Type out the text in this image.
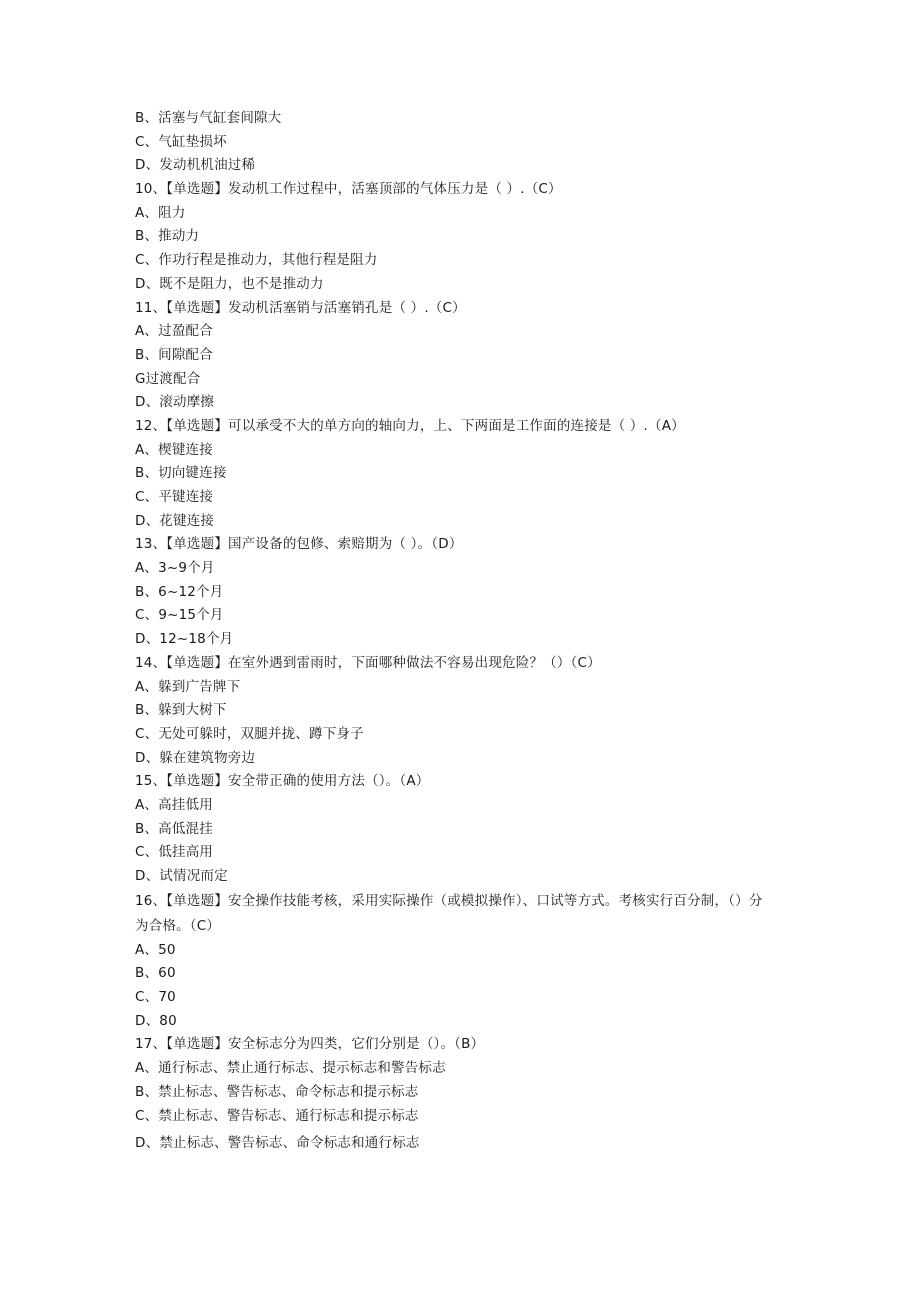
B、活塞与气缸套间隙大
C、气缸垫损坏
D、发动机机油过稀
10、【单选题】发动机工作过程中，活塞顶部的气体压力是（ ）.（C）
A、阻力
B、推动力
C、作功行程是推动力，其他行程是阻力
D、既不是阻力，也不是推动力
11、【单选题】发动机活塞销与活塞销孔是（ ）.（C）
A、过盈配合
B、间隙配合
G过渡配合
D、滚动摩擦
12、【单选题】可以承受不大的单方向的轴向力，上、下两面是工作面的连接是（ ）.（A）
A、楔键连接
B、切向键连接
C、平键连接
D、花键连接
13、【单选题】国产设备的包修、索赔期为（ ）。（D）
A、3~9个月
B、6~12个月
C、9~15个月
D、12~18个月
14、【单选题】在室外遇到雷雨时，下面哪种做法不容易出现危险？（）（C）
A、躲到广告牌下
B、躲到大树下
C、无处可躲时，双腿并拢、蹲下身子
D、躲在建筑物旁边
15、【单选题】安全带正确的使用方法（）。（A）
A、高挂低用
B、高低混挂
C、低挂高用
D、试情况而定
16、【单选题】安全操作技能考核，采用实际操作（或模拟操作）、口试等方式。考核实行百分制，（）分为合格。（C）
A、50
B、60
C、70
D、80
17、【单选题】安全标志分为四类，它们分别是（）。（B）
A、通行标志、禁止通行标志、提示标志和警告标志
B、禁止标志、警告标志、命令标志和提示标志
C、禁止标志、警告标志、通行标志和提示标志
D、禁止标志、警告标志、命令标志和通行标志
